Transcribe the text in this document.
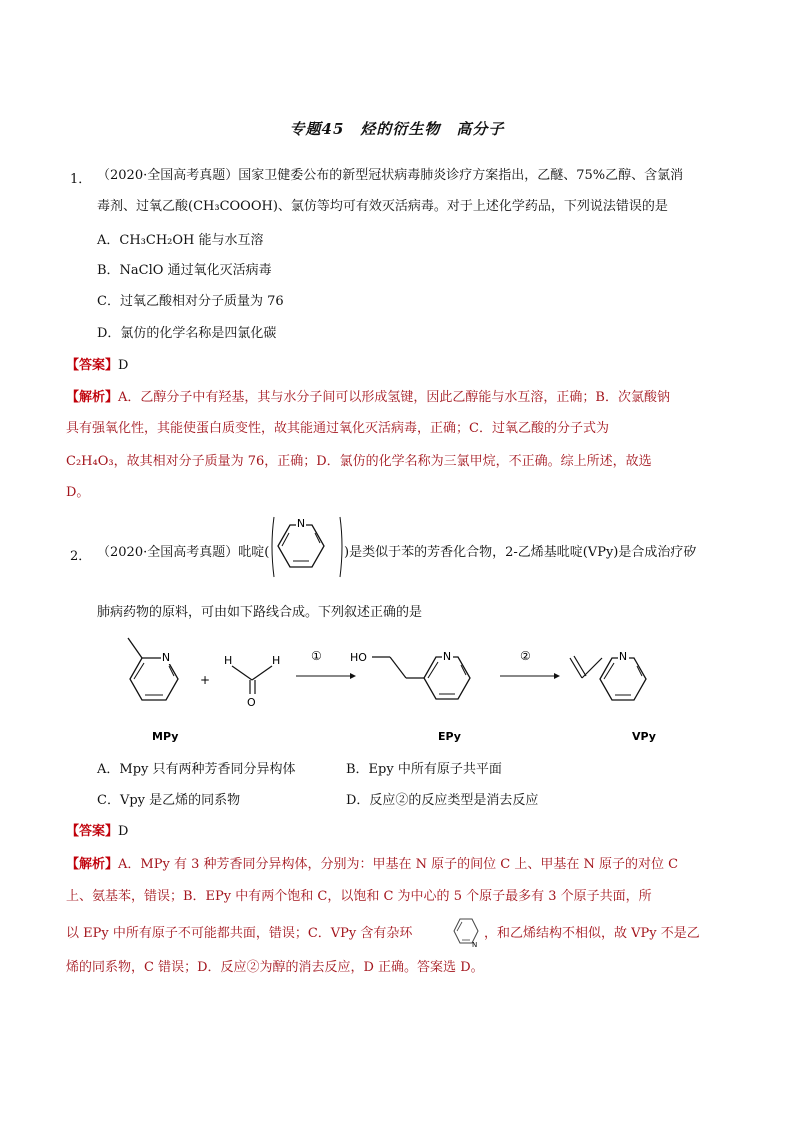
专题45　烃的衍生物　高分子
1． （2020·全国高考真题）国家卫健委公布的新型冠状病毒肺炎诊疗方案指出，乙醚、75%乙醇、含氯消
毒剂、过氧乙酸(CH₃COOOH)、氯仿等均可有效灭活病毒。对于上述化学药品，下列说法错误的是
A．CH₃CH₂OH 能与水互溶
B．NaClO 通过氧化灭活病毒
C．过氧乙酸相对分子质量为 76
D．氯仿的化学名称是四氯化碳
【答案】D
【解析】A．乙醇分子中有羟基，其与水分子间可以形成氢键，因此乙醇能与水互溶，正确；B．次氯酸钠
具有强氧化性，其能使蛋白质变性，故其能通过氧化灭活病毒，正确；C．过氧乙酸的分子式为
C₂H₄O₃，故其相对分子质量为 76，正确；D．氯仿的化学名称为三氯甲烷，不正确。综上所述，故选
D。
2． （2020·全国高考真题）吡啶(
N
)是类似于苯的芳香化合物，2-乙烯基吡啶(VPy)是合成治疗矽
肺病药物的原料，可由如下路线合成。下列叙述正确的是
N
+
H	H
O
①	HO	N	②	N
MPy	EPy	VPy
A．Mpy 只有两种芳香同分异构体	B．Epy 中所有原子共平面
C．Vpy 是乙烯的同系物	D．反应②的反应类型是消去反应
【答案】D
【解析】A．MPy 有 3 种芳香同分异构体，分别为：甲基在 N 原子的间位 C 上、甲基在 N 原子的对位 C
上、氨基苯，错误；B．EPy 中有两个饱和 C，以饱和 C 为中心的 5 个原子最多有 3 个原子共面，所
以 EPy 中所有原子不可能都共面，错误；C．VPy 含有杂环
N
，和乙烯结构不相似，故 VPy 不是乙
烯的同系物，C 错误；D．反应②为醇的消去反应，D 正确。答案选 D。
